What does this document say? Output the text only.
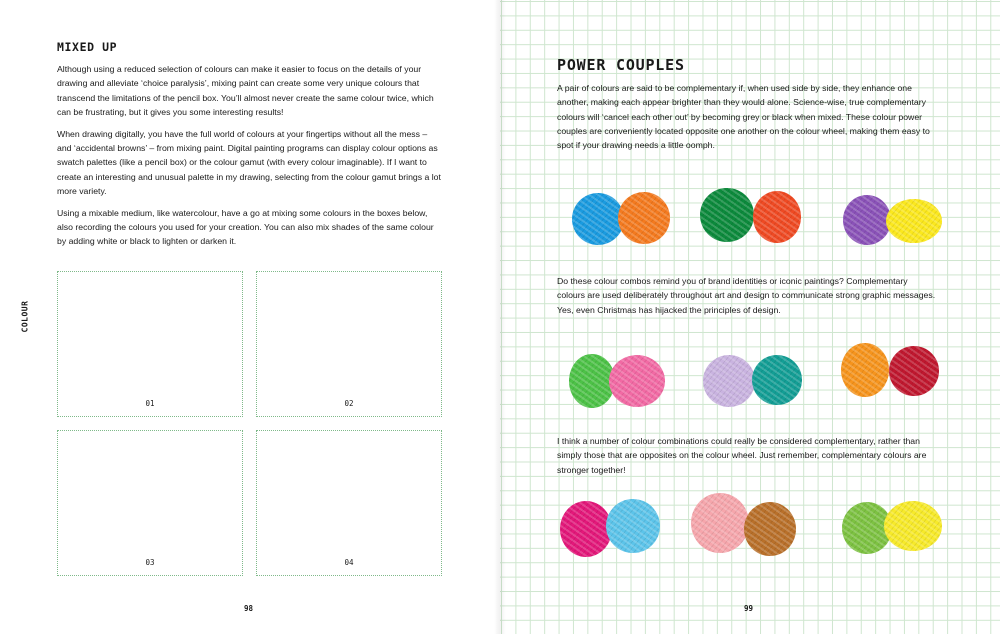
COLOUR
MIXED UP

Although using a reduced selection of colours can make it easier to focus on the details of your drawing and alleviate ‘choice paralysis’, mixing paint can create some very unique colours that transcend the limitations of the pencil box. You’ll almost never create the same colour twice, which can be frustrating, but it gives you some interesting results!

When drawing digitally, you have the full world of colours at your fingertips without all the mess – and ‘accidental browns’ – from mixing paint. Digital painting programs can display colour options as swatch palettes (like a pencil box) or the colour gamut (with every colour imaginable). If I want to create an interesting and unusual palette in my drawing, selecting from the colour gamut brings a lot more variety.

Using a mixable medium, like watercolour, have a go at mixing some colours in the boxes below, also recording the colours you used for your creation. You can also mix shades of the same colour by adding white or black to lighten or darken it.

01	02
03	04
98
POWER COUPLES

A pair of colours are said to be complementary if, when used side by side, they enhance one another, making each appear brighter than they would alone. Science-wise, true complementary colours will ‘cancel each other out’ by becoming grey or black when mixed. These colour power couples are conveniently located opposite one another on the colour wheel, making them easy to spot if your drawing needs a little oomph.

Do these colour combos remind you of brand identities or iconic paintings? Complementary colours are used deliberately throughout art and design to communicate strong graphic messages. Yes, even Christmas has hijacked the principles of design.

I think a number of colour combinations could really be considered complementary, rather than simply those that are opposites on the colour wheel. Just remember, complementary colours are stronger together!

99
